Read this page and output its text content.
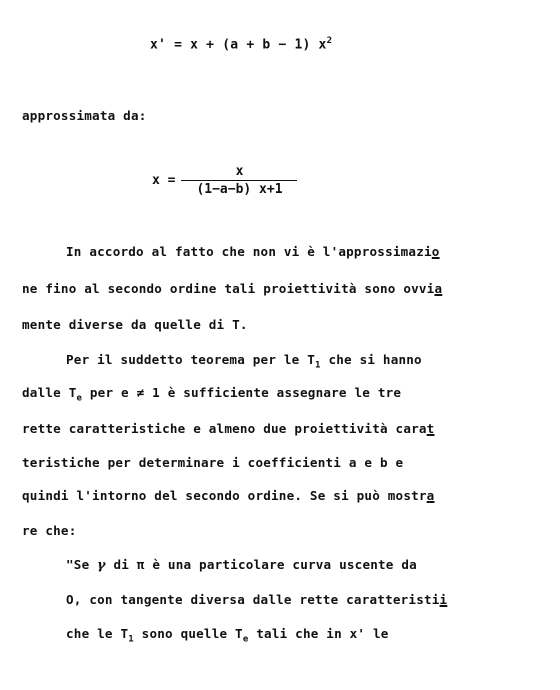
x' = x + (a + b − 1) $x^2$
approssimata da:
$x = \frac{x}{(1-a-b) x+1}$
In accordo al fatto che non vi è l'approssimazio
ne fino al secondo ordine tali proiettività sono ovvia
mente diverse da quelle di T.
Per il suddetto teorema per le $T_1$ che si hanno
dalle $T_e$ per e ≠ 1 è sufficiente assegnare le tre
rette caratteristiche e almeno due proiettività carat
teristiche per determinare i coefficienti a e b e
quindi l'intorno del secondo ordine. Se si può mostra
re che:
"Se γ di π è una particolare curva uscente da
O, con tangente diversa dalle rette caratteristii
che le $T_1$ sono quelle $T_e$ tali che in x' le
